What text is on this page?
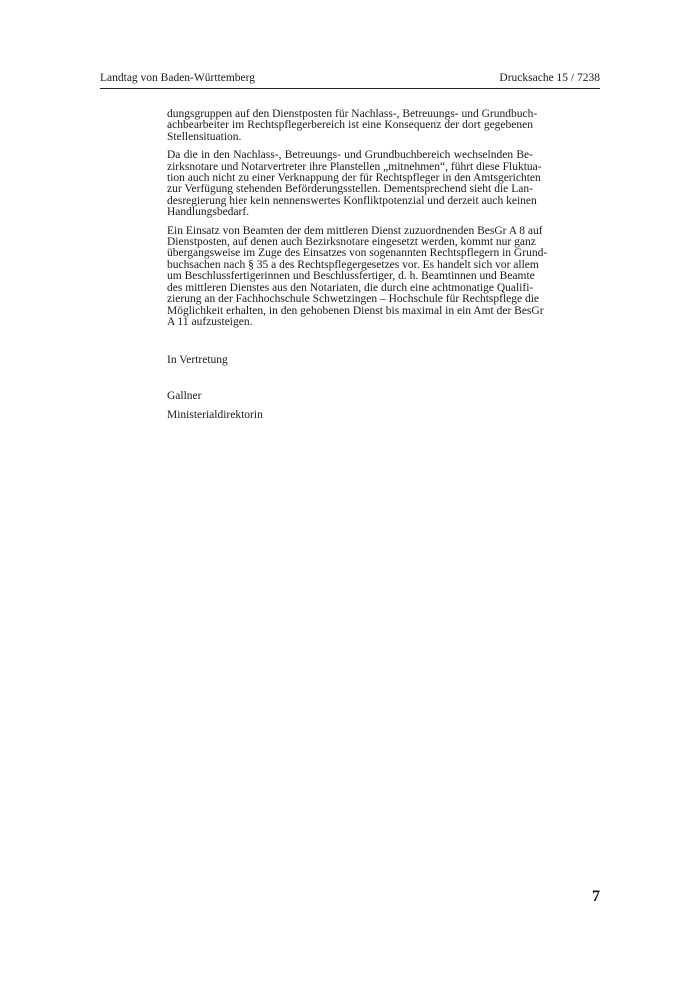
Landtag von Baden-Württemberg	Drucksache 15 / 7238
dungsgruppen auf den Dienstposten für Nachlass-, Betreuungs- und Grundbuch-
achbearbeiter im Rechtspflegerbereich ist eine Konsequenz der dort gegebenen
Stellensituation.
Da die in den Nachlass-, Betreuungs- und Grundbuchbereich wechselnden Be-
zirksnotare und Notarvertreter ihre Planstellen „mitnehmen“, führt diese Fluktua-
tion auch nicht zu einer Verknappung der für Rechtspfleger in den Amtsgerichten
zur Verfügung stehenden Beförderungsstellen. Dementsprechend sieht die Lan-
desregierung hier kein nennenswertes Konfliktpotenzial und derzeit auch keinen
Handlungsbedarf.
Ein Einsatz von Beamten der dem mittleren Dienst zuzuordnenden BesGr A 8 auf
Dienstposten, auf denen auch Bezirksnotare eingesetzt werden, kommt nur ganz
übergangsweise im Zuge des Einsatzes von sogenannten Rechtspflegern in Grund-
buchsachen nach § 35 a des Rechtspflegergesetzes vor. Es handelt sich vor allem
um Beschlussfertigerinnen und Beschlussfertiger, d. h. Beamtinnen und Beamte
des mittleren Dienstes aus den Notariaten, die durch eine achtmonatige Qualifi-
zierung an der Fachhochschule Schwetzingen – Hochschule für Rechtspflege die
Möglichkeit erhalten, in den gehobenen Dienst bis maximal in ein Amt der BesGr
A 11 aufzusteigen.
In Vertretung
Gallner
Ministerialdirektorin
7
